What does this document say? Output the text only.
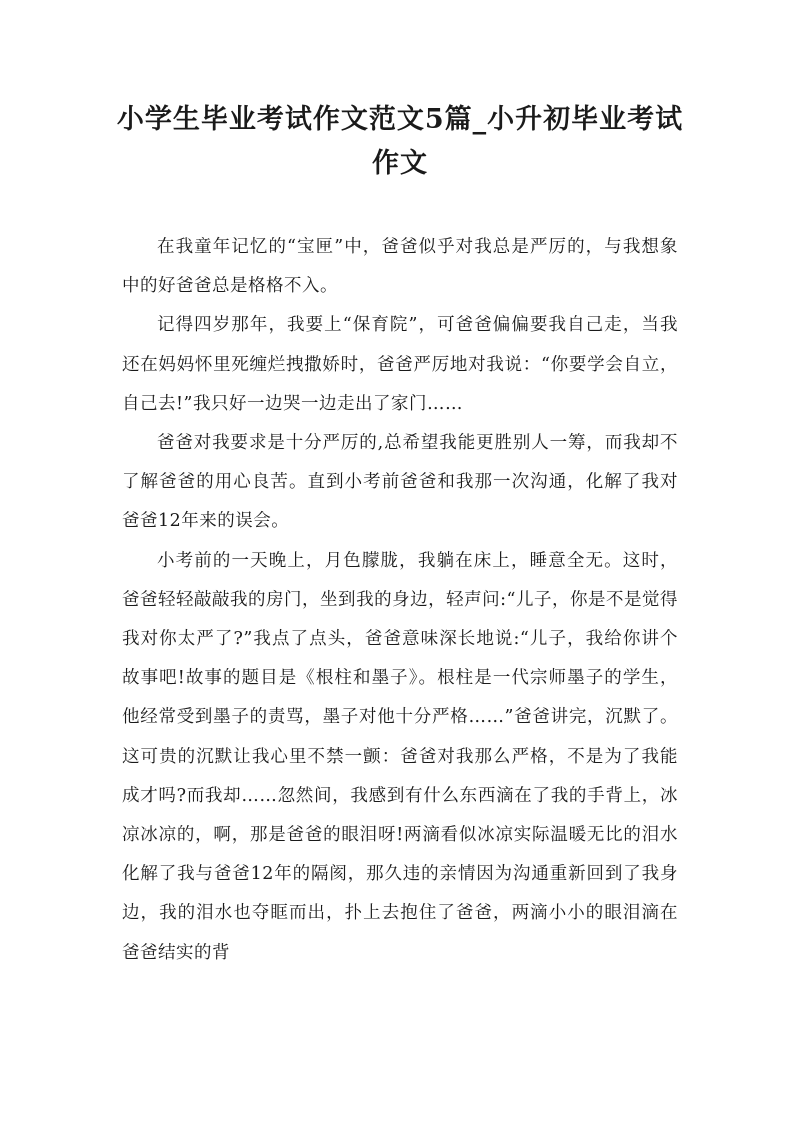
小学生毕业考试作文范文5篇_小升初毕业考试作文

在我童年记忆的“宝匣”中，爸爸似乎对我总是严厉的，与我想象中的好爸爸总是格格不入。

记得四岁那年，我要上“保育院”，可爸爸偏偏要我自己走，当我还在妈妈怀里死缠烂拽撒娇时，爸爸严厉地对我说：“你要学会自立，自己去!”我只好一边哭一边走出了家门……

爸爸对我要求是十分严厉的,总希望我能更胜别人一筹，而我却不了解爸爸的用心良苦。直到小考前爸爸和我那一次沟通，化解了我对爸爸12年来的误会。

小考前的一天晚上，月色朦胧，我躺在床上，睡意全无。这时，爸爸轻轻敲敲我的房门，坐到我的身边，轻声问:“儿子，你是不是觉得我对你太严了?”我点了点头，爸爸意味深长地说:“儿子，我给你讲个故事吧!故事的题目是《根柱和墨子》。根柱是一代宗师墨子的学生，他经常受到墨子的责骂，墨子对他十分严格……”爸爸讲完，沉默了。这可贵的沉默让我心里不禁一颤：爸爸对我那么严格，不是为了我能成才吗?而我却……忽然间，我感到有什么东西滴在了我的手背上，冰凉冰凉的，啊，那是爸爸的眼泪呀!两滴看似冰凉实际温暖无比的泪水化解了我与爸爸12年的隔阂，那久违的亲情因为沟通重新回到了我身边，我的泪水也夺眶而出，扑上去抱住了爸爸，两滴小小的眼泪滴在爸爸结实的背
